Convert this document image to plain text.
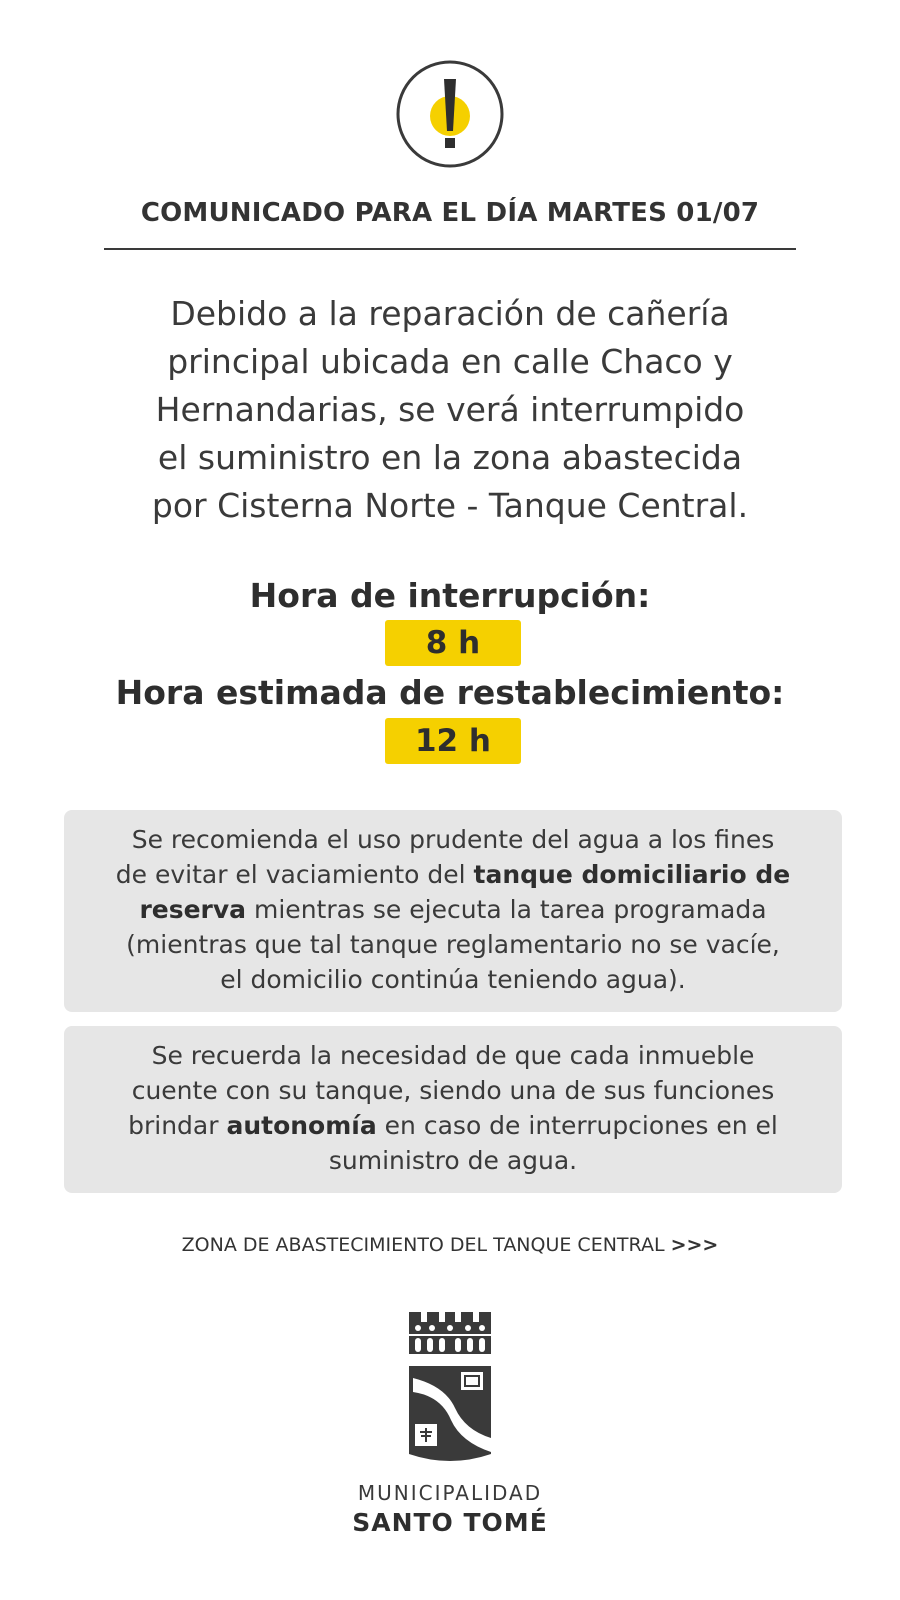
COMUNICADO PARA EL DÍA MARTES 01/07
Debido a la reparación de cañería
principal ubicada en calle Chaco y
Hernandarias, se verá interrumpido
el suministro en la zona abastecida
por Cisterna Norte - Tanque Central.
Hora de interrupción:
8 h
Hora estimada de restablecimiento:
12 h
Se recomienda el uso prudente del agua a los fines
de evitar el vaciamiento del tanque domiciliario de
reserva mientras se ejecuta la tarea programada
(mientras que tal tanque reglamentario no se vacíe,
el domicilio continúa teniendo agua).
Se recuerda la necesidad de que cada inmueble
cuente con su tanque, siendo una de sus funciones
brindar autonomía en caso de interrupciones en el
suministro de agua.
ZONA DE ABASTECIMIENTO DEL TANQUE CENTRAL >>>
MUNICIPALIDAD
SANTO TOMÉ
